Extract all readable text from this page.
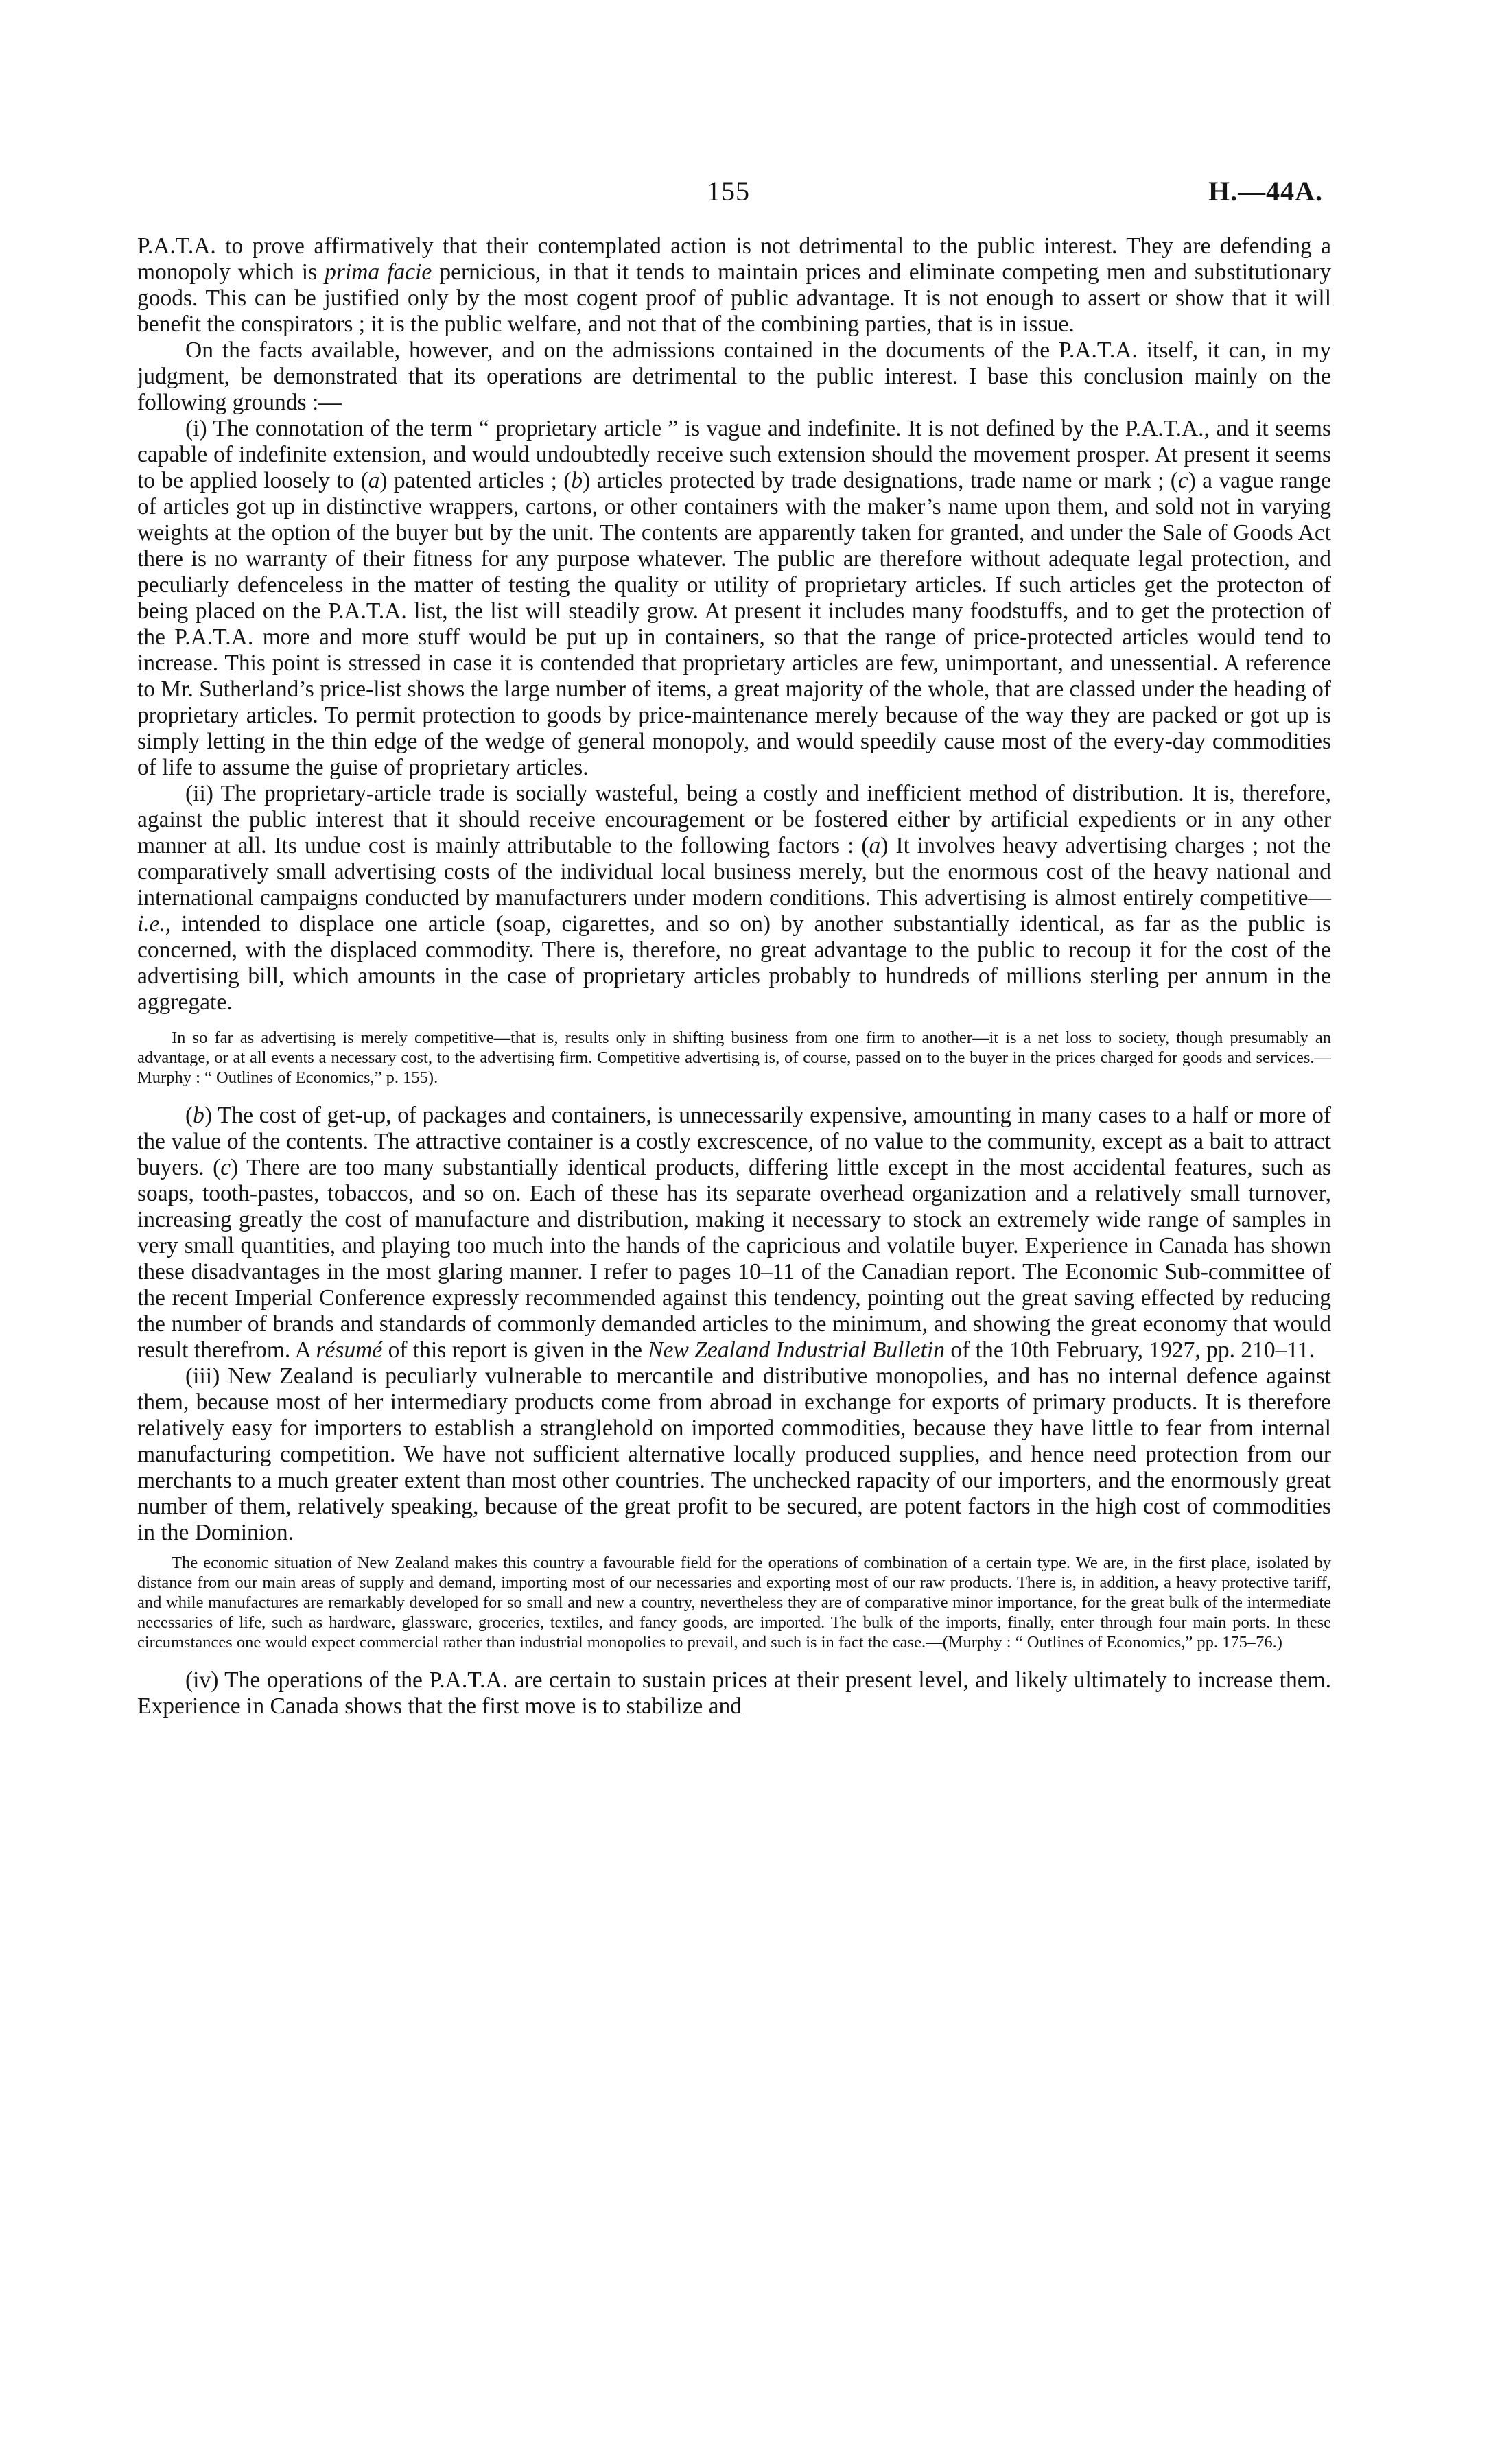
155	H.—44A.

P.A.T.A. to prove affirmatively that their contemplated action is not detrimental to the public interest. They are defending a monopoly which is prima facie pernicious, in that it tends to maintain prices and eliminate competing men and substitutionary goods. This can be justified only by the most cogent proof of public advantage. It is not enough to assert or show that it will benefit the conspirators ; it is the public welfare, and not that of the combining parties, that is in issue.

On the facts available, however, and on the admissions contained in the documents of the P.A.T.A. itself, it can, in my judgment, be demonstrated that its operations are detrimental to the public interest. I base this conclusion mainly on the following grounds :—

(i) The connotation of the term “ proprietary article ” is vague and indefinite. It is not defined by the P.A.T.A., and it seems capable of indefinite extension, and would undoubtedly receive such extension should the movement prosper. At present it seems to be applied loosely to (a) patented articles ; (b) articles protected by trade designations, trade name or mark ; (c) a vague range of articles got up in distinctive wrappers, cartons, or other containers with the maker’s name upon them, and sold not in varying weights at the option of the buyer but by the unit. The contents are apparently taken for granted, and under the Sale of Goods Act there is no warranty of their fitness for any purpose whatever. The public are therefore without adequate legal protection, and peculiarly defenceless in the matter of testing the quality or utility of proprietary articles. If such articles get the protecton of being placed on the P.A.T.A. list, the list will steadily grow. At present it includes many foodstuffs, and to get the protection of the P.A.T.A. more and more stuff would be put up in containers, so that the range of price-protected articles would tend to increase. This point is stressed in case it is contended that proprietary articles are few, unimportant, and unessential. A reference to Mr. Sutherland’s price-list shows the large number of items, a great majority of the whole, that are classed under the heading of proprietary articles. To permit protection to goods by price-maintenance merely because of the way they are packed or got up is simply letting in the thin edge of the wedge of general monopoly, and would speedily cause most of the every-day commodities of life to assume the guise of proprietary articles.

(ii) The proprietary-article trade is socially wasteful, being a costly and inefficient method of distribution. It is, therefore, against the public interest that it should receive encouragement or be fostered either by artificial expedients or in any other manner at all. Its undue cost is mainly attributable to the following factors : (a) It involves heavy advertising charges ; not the comparatively small advertising costs of the individual local business merely, but the enormous cost of the heavy national and international campaigns conducted by manufacturers under modern conditions. This advertising is almost entirely competitive—i.e., intended to displace one article (soap, cigarettes, and so on) by another substantially identical, as far as the public is concerned, with the displaced commodity. There is, therefore, no great advantage to the public to recoup it for the cost of the advertising bill, which amounts in the case of proprietary articles probably to hundreds of millions sterling per annum in the aggregate.

In so far as advertising is merely competitive—that is, results only in shifting business from one firm to another—it is a net loss to society, though presumably an advantage, or at all events a necessary cost, to the advertising firm. Competitive advertising is, of course, passed on to the buyer in the prices charged for goods and services.—Murphy : “ Outlines of Economics,” p. 155).

(b) The cost of get-up, of packages and containers, is unnecessarily expensive, amounting in many cases to a half or more of the value of the contents. The attractive container is a costly excrescence, of no value to the community, except as a bait to attract buyers. (c) There are too many substantially identical products, differing little except in the most accidental features, such as soaps, tooth-pastes, tobaccos, and so on. Each of these has its separate overhead organization and a relatively small turnover, increasing greatly the cost of manufacture and distribution, making it necessary to stock an extremely wide range of samples in very small quantities, and playing too much into the hands of the capricious and volatile buyer. Experience in Canada has shown these disadvantages in the most glaring manner. I refer to pages 10–11 of the Canadian report. The Economic Sub-committee of the recent Imperial Conference expressly recommended against this tendency, pointing out the great saving effected by reducing the number of brands and standards of commonly demanded articles to the minimum, and showing the great economy that would result therefrom. A résumé of this report is given in the New Zealand Industrial Bulletin of the 10th February, 1927, pp. 210–11.

(iii) New Zealand is peculiarly vulnerable to mercantile and distributive monopolies, and has no internal defence against them, because most of her intermediary products come from abroad in exchange for exports of primary products. It is therefore relatively easy for importers to establish a stranglehold on imported commodities, because they have little to fear from internal manufacturing competition. We have not sufficient alternative locally produced supplies, and hence need protection from our merchants to a much greater extent than most other countries. The unchecked rapacity of our importers, and the enormously great number of them, relatively speaking, because of the great profit to be secured, are potent factors in the high cost of commodities in the Dominion.

The economic situation of New Zealand makes this country a favourable field for the operations of combination of a certain type. We are, in the first place, isolated by distance from our main areas of supply and demand, importing most of our necessaries and exporting most of our raw products. There is, in addition, a heavy protective tariff, and while manufactures are remarkably developed for so small and new a country, nevertheless they are of comparative minor importance, for the great bulk of the intermediate necessaries of life, such as hardware, glassware, groceries, textiles, and fancy goods, are imported. The bulk of the imports, finally, enter through four main ports. In these circumstances one would expect commercial rather than industrial monopolies to prevail, and such is in fact the case.—(Murphy : “ Outlines of Economics,” pp. 175–76.)

(iv) The operations of the P.A.T.A. are certain to sustain prices at their present level, and likely ultimately to increase them. Experience in Canada shows that the first move is to stabilize and
